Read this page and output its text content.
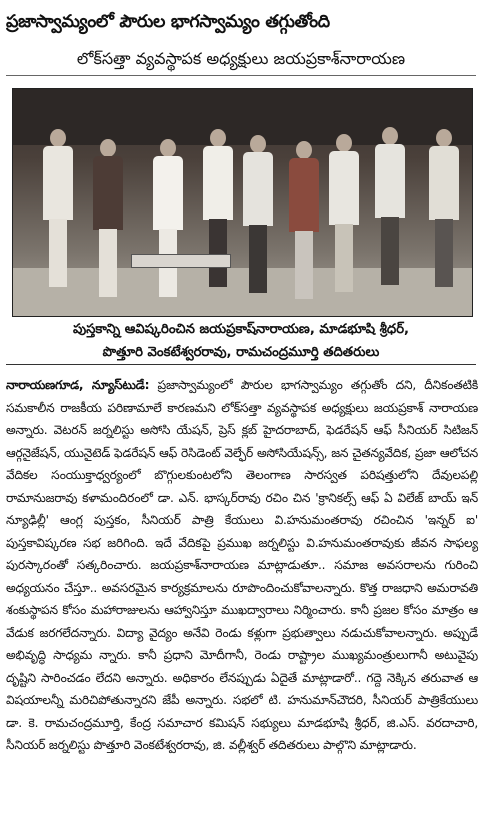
ప్రజాస్వామ్యంలో పౌరుల భాగస్వామ్యం తగ్గుతోంది
లోక్‌సత్తా వ్యవస్థాపక అధ్యక్షులు జయప్రకాశ్‌నారాయణ
పుస్తకాన్ని ఆవిష్కరించిన జయప్రకాష్‌నారాయణ, మాడభూషి శ్రీధర్,
పొత్తూరి వెంకటేశ్వరరావు, రామచంద్రమూర్తి తదితరులు
నారాయణగూడ, న్యూస్‌టుడే: ప్రజాస్వామ్యంలో పౌరుల భాగస్వామ్యం తగ్గుతోం దని, దీనికంతటికి సమకాలీన రాజకీయ పరిణామాలే కారణమని లోక్‌సత్తా వ్యవస్థాపక అధ్యక్షులు జయప్రకాశ్ నారాయణ అన్నారు. వెటరన్ జర్నలిస్టు అసోసి యేషన్, ప్రెస్ క్లబ్ హైదరాబాద్, ఫెడరేషన్ ఆఫ్ సీనియర్ సిటిజన్ ఆర్గనైజేషన్, యునైటెడ్ ఫెడరేషన్ ఆఫ్ రెసిడెంట్ వెల్ఫేర్ అసోసియేషన్స్, జన చైతన్యవేదిక, ప్రజా ఆలోచన వేదికల సంయుక్తాధ్వర్యంలో బొగ్గులకుంటలోని తెలంగాణ సారస్వత పరిషత్తులోని దేవులపల్లి రామానుజరావు కళామందిరంలో డా. ఎన్. భాస్కర్‌రావు రచిం చిన 'క్రానికల్స్ ఆఫ్ ఏ విలేజ్ బాయ్ ఇన్ న్యూఢిల్లీ' ఆంగ్ల పుస్తకం, సీనియర్ పాత్రి కేయులు వి.హనుమంతరావు రచించిన 'ఇన్నర్ ఐ' పుస్తకావిష్కరణ సభ జరిగింది. ఇదే వేదికపై ప్రముఖ జర్నలిస్టు వి.హనుమంతరావుకు జీవన సాఫల్య పురస్కారంతో సత్కరించారు. జయప్రకాశ్‌నారాయణ మాట్లాడుతూ.. సమాజ అవసరాలను గురించి అధ్యయనం చేస్తూ.. అవసరమైన కార్యక్రమాలను రూపొందించుకోవాలన్నారు. కొత్త రాజధాని అమరావతి శంకుస్థాపన కోసం మహారాజులను ఆహ్వానిస్తూ ముఖద్వారాలు నిర్మించారు. కానీ ప్రజల కోసం మాత్రం ఆ వేడుక జరగలేదన్నారు. విద్యా వైద్యం అనేవి రెండు కళ్లుగా ప్రభుత్వాలు నడుచుకోవాలన్నారు. అప్పుడే అభివృద్ధి సాధ్యమ న్నారు. కానీ ప్రధాని మోదీగానీ, రెండు రాష్ట్రాల ముఖ్యమంత్రులుగానీ అటువైపు దృష్టిని సారించడం లేదని అన్నారు. అధికారం లేనప్పుడు ఏదైతే మాట్లాడారో.. గద్దె నెక్కిన తరువాత ఆ విషయాలన్నీ మరిచిపోతున్నారని జేపీ అన్నారు. సభలో టి. హనుమాన్‌చౌదరి, సీనియర్ పాత్రికేయులు డా. కె. రామచంద్రమూర్తి, కేంద్ర సమాచార కమిషన్ సభ్యులు మాడభూషి శ్రీధర్, జి.ఎస్. వరదాచారి, సీనియర్ జర్నలిస్టు పొత్తూరి వెంకటేశ్వరరావు, జి. వల్లీశ్వర్ తదితరులు పాల్గొని మాట్లాడారు.
